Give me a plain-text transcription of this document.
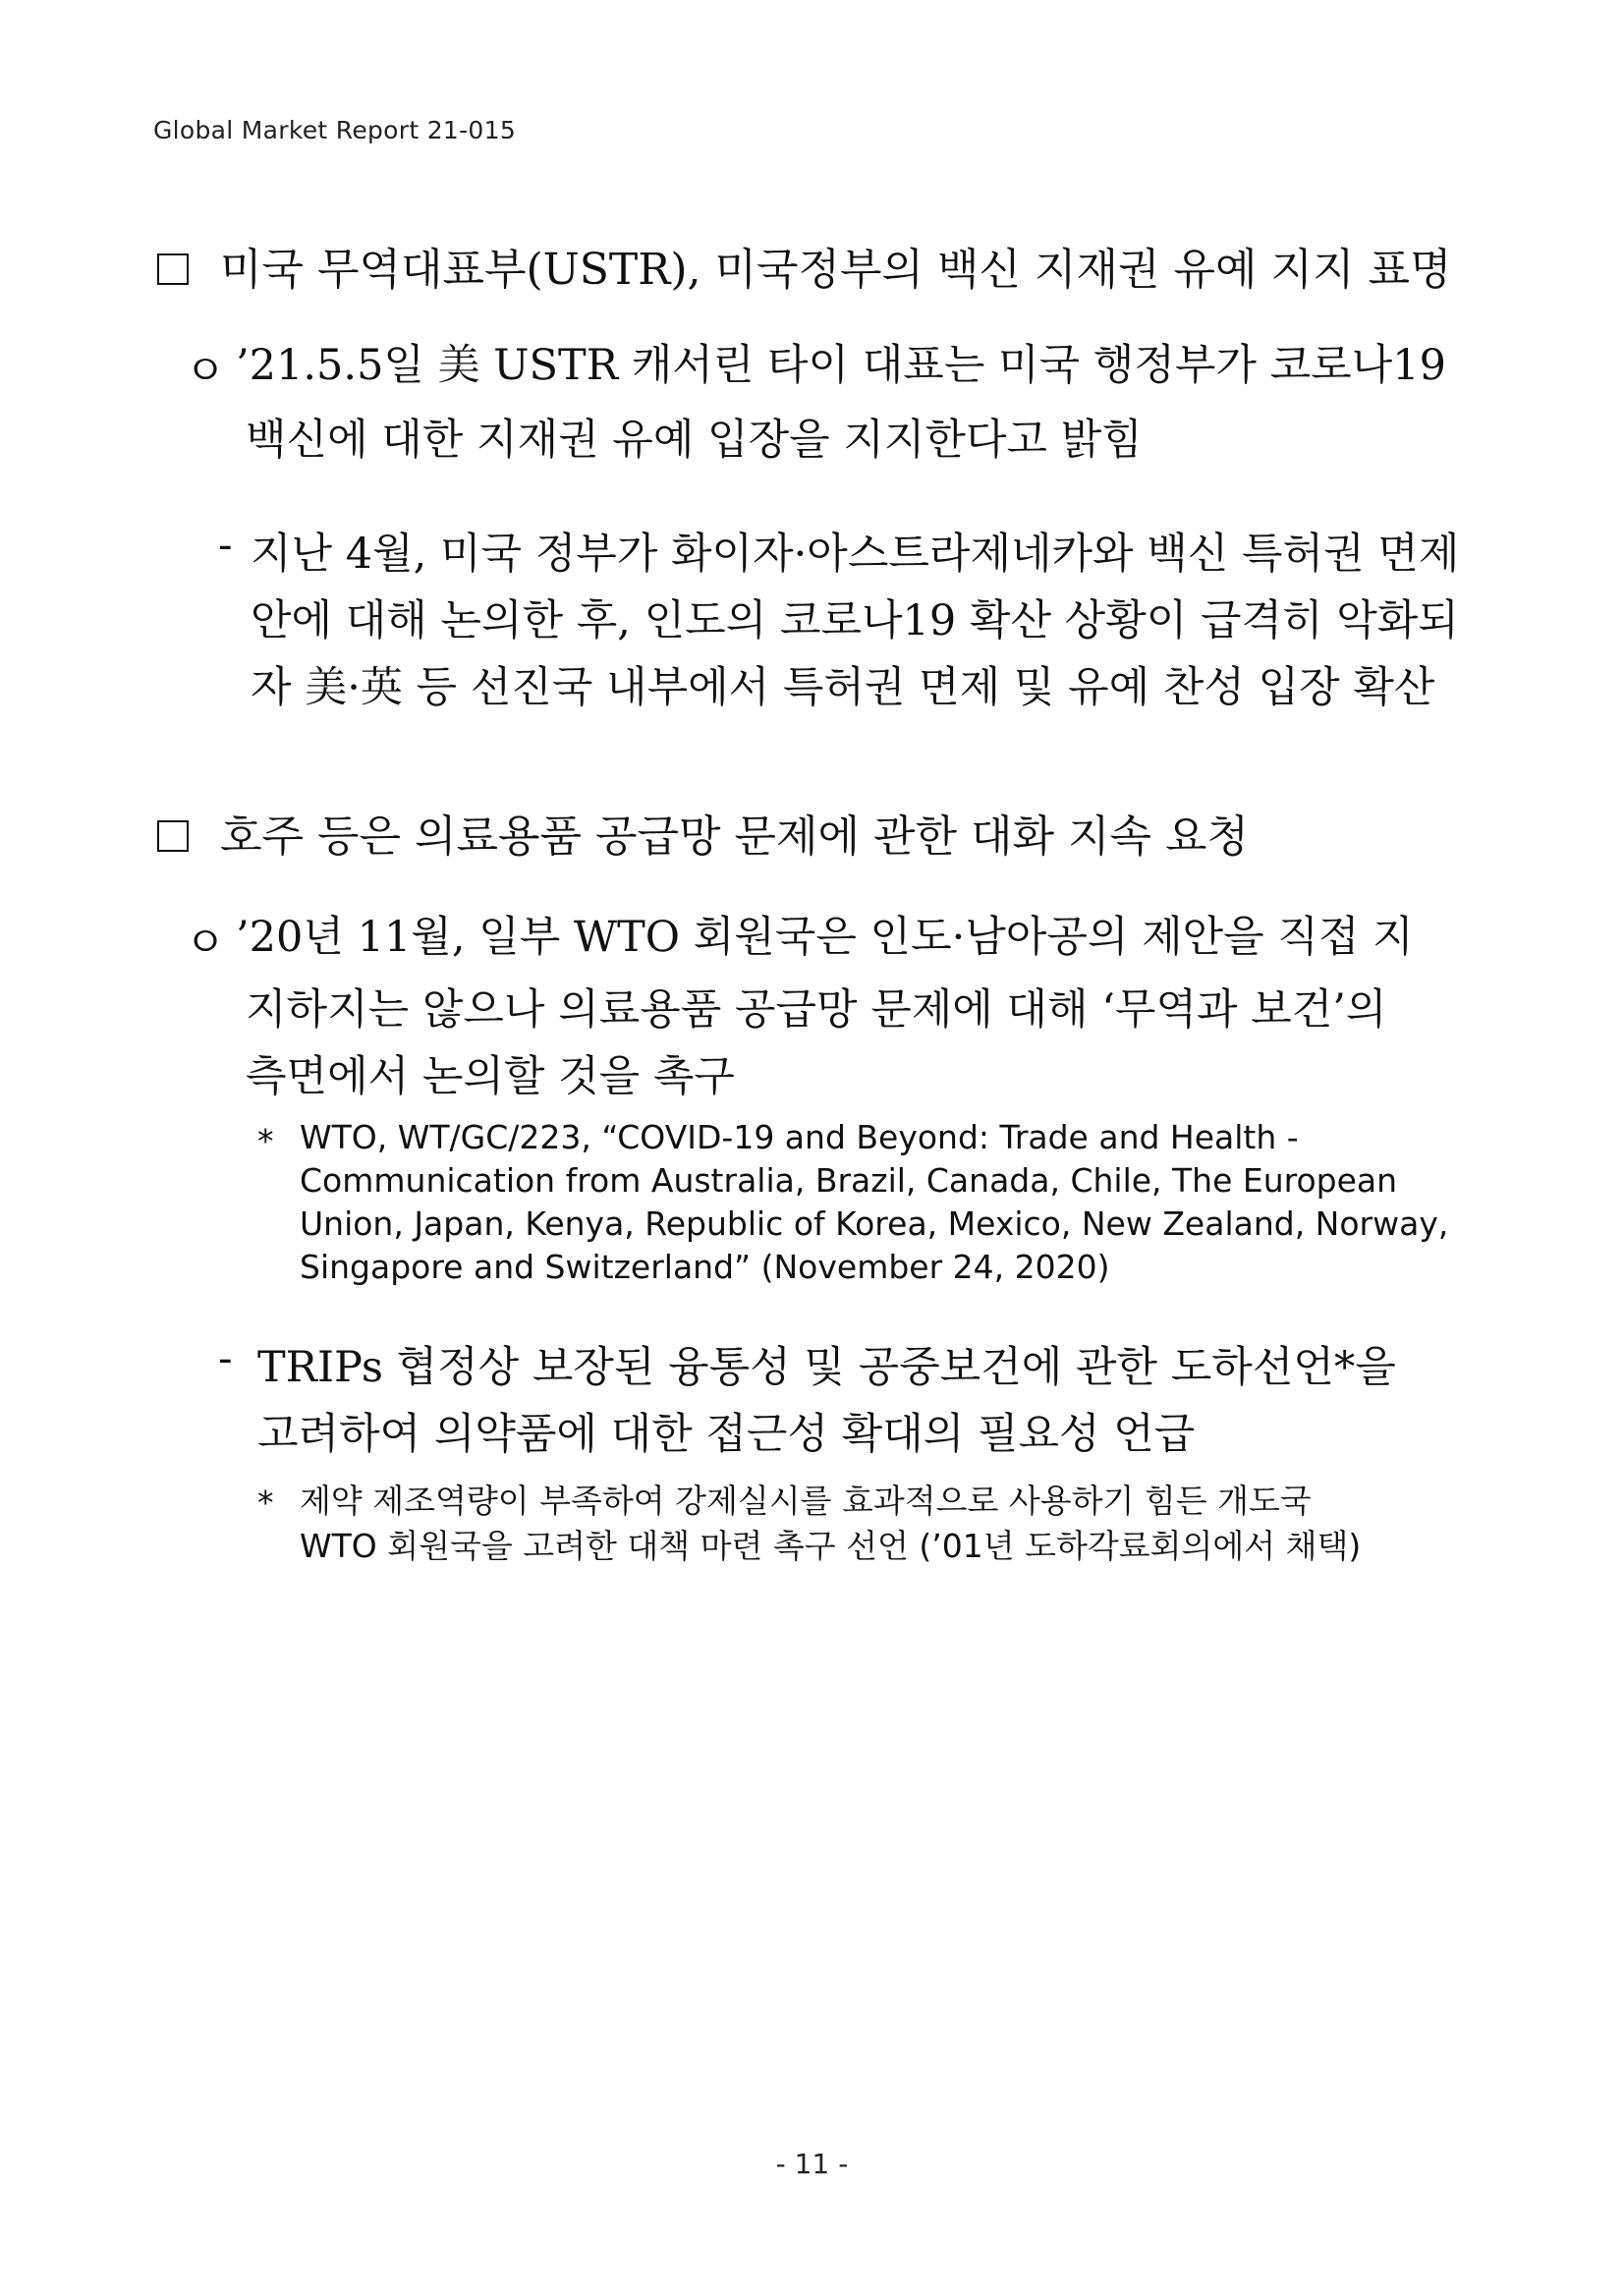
Global Market Report 21-015
미국 무역대표부(USTR), 미국정부의 백신 지재권 유예 지지 표명
ㅇ ’21.5.5일 美 USTR 캐서린 타이 대표는 미국 행정부가 코로나19
백신에 대한 지재권 유예 입장을 지지한다고 밝힘
- 지난 4월, 미국 정부가 화이자·아스트라제네카와 백신 특허권 면제
안에 대해 논의한 후, 인도의 코로나19 확산 상황이 급격히 악화되
자 美·英 등 선진국 내부에서 특허권 면제 및 유예 찬성 입장 확산
호주 등은 의료용품 공급망 문제에 관한 대화 지속 요청
ㅇ ’20년 11월, 일부 WTO 회원국은 인도·남아공의 제안을 직접 지
지하지는 않으나 의료용품 공급망 문제에 대해 ‘무역과 보건’의
측면에서 논의할 것을 촉구
* WTO, WT/GC/223, “COVID-19 and Beyond: Trade and Health -
Communication from Australia, Brazil, Canada, Chile, The European
Union, Japan, Kenya, Republic of Korea, Mexico, New Zealand, Norway,
Singapore and Switzerland” (November 24, 2020)
- TRIPs 협정상 보장된 융통성 및 공중보건에 관한 도하선언*을
고려하여 의약품에 대한 접근성 확대의 필요성 언급
* 제약 제조역량이 부족하여 강제실시를 효과적으로 사용하기 힘든 개도국
WTO 회원국을 고려한 대책 마련 촉구 선언 (’01년 도하각료회의에서 채택)
- 11 -
